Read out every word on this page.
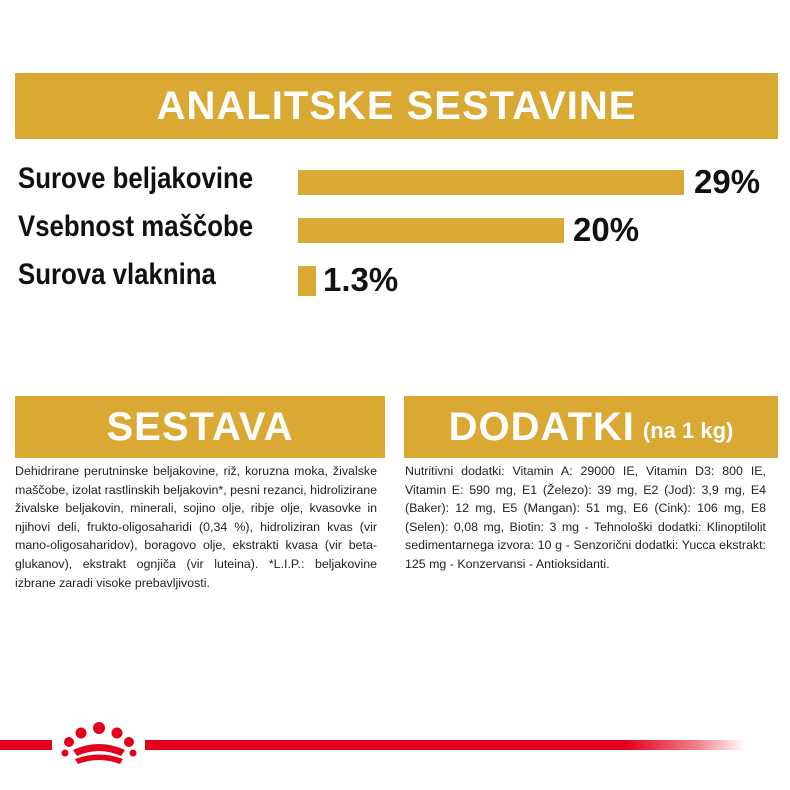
ANALITSKE SESTAVINE
Surove beljakovine	29%
Vsebnost maščobe	20%
Surova vlaknina	1.3%
SESTAVA

Dehidrirane perutninske beljakovine, riž, koruzna moka, živalske maščobe, izolat rastlinskih beljakovin*, pesni rezanci, hidrolizirane živalske beljakovin, minerali, sojino olje, ribje olje, kvasovke in njihovi deli, frukto-oligosaharidi (0,34 %), hidroliziran kvas (vir mano-oligosaharidov), boragovo olje, ekstrakti kvasa (vir beta-glukanov), ekstrakt ognjiča (vir luteina). *L.I.P.: beljakovine izbrane zaradi visoke prebavljivosti.

DODATKI (na 1 kg)

Nutritivni dodatki: Vitamin A: 29000 IE, Vitamin D3: 800 IE, Vitamin E: 590 mg, E1 (Železo): 39 mg, E2 (Jod): 3,9 mg, E4 (Baker): 12 mg, E5 (Mangan): 51 mg, E6 (Cink): 106 mg, E8 (Selen): 0,08 mg, Biotin: 3 mg - Tehnološki dodatki: Klinoptilolit sedimentarnega izvora: 10 g - Senzorični dodatki: Yucca ekstrakt: 125 mg - Konzervansi - Antioksidanti.
